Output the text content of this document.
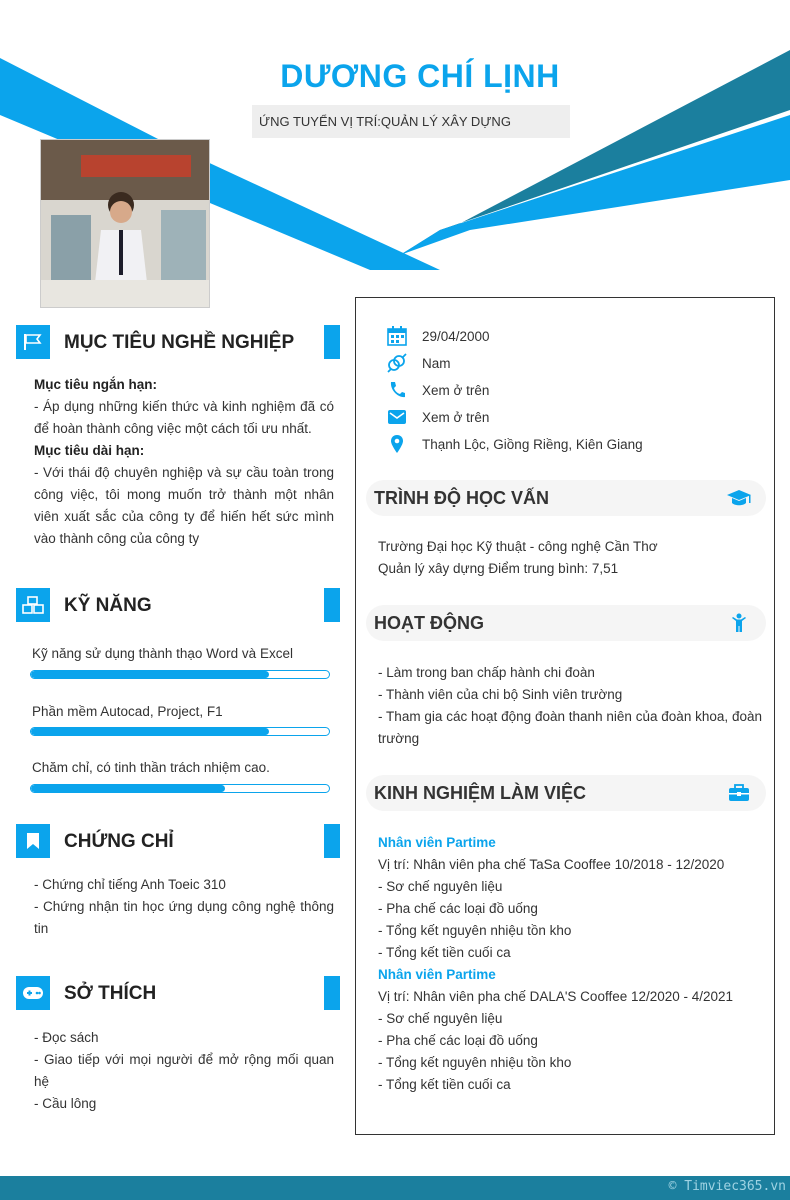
DƯƠNG CHÍ LỊNH
ỨNG TUYỂN VỊ TRÍ:QUẢN LÝ XÂY DỰNG
MỤC TIÊU NGHỀ NGHIỆP

Mục tiêu ngắn hạn:

- Áp dụng những kiến thức và kinh nghiệm đã có để hoàn thành công việc một cách tối ưu nhất.

Mục tiêu dài hạn:

- Với thái độ chuyên nghiệp và sự cầu toàn trong công việc, tôi mong muốn trở thành một nhân viên xuất sắc của công ty để hiến hết sức mình vào thành công của công ty

KỸ NĂNG
Kỹ năng sử dụng thành thạo Word và Excel
Phần mềm Autocad, Project, F1
Chăm chỉ, có tinh thần trách nhiệm cao.
CHỨNG CHỈ

- Chứng chỉ tiếng Anh Toeic 310

- Chứng nhận tin học ứng dụng công nghệ thông tin

SỞ THÍCH

- Đọc sách

- Giao tiếp với mọi người để mở rộng mối quan hệ

- Cầu lông

29/04/2000
Nam
Xem ở trên
Xem ở trên
Thạnh Lộc, Giồng Riềng, Kiên Giang
TRÌNH ĐỘ HỌC VẤN

Trường Đại học Kỹ thuật - công nghệ Cần Thơ

Quản lý xây dựng Điểm trung bình: 7,51

HOẠT ĐỘNG

- Làm trong ban chấp hành chi đoàn

- Thành viên của chi bộ Sinh viên trường

- Tham gia các hoạt động đoàn thanh niên của đoàn khoa, đoàn trường

KINH NGHIỆM LÀM VIỆC

Nhân viên Partime

Vị trí: Nhân viên pha chế TaSa Cooffee 10/2018 - 12/2020

- Sơ chế nguyên liệu

- Pha chế các loại đồ uống

- Tổng kết nguyên nhiệu tồn kho

- Tổng kết tiền cuối ca

Nhân viên Partime

Vị trí: Nhân viên pha chế DALA'S Cooffee 12/2020 - 4/2021

- Sơ chế nguyên liệu

- Pha chế các loại đồ uống

- Tổng kết nguyên nhiệu tồn kho

- Tổng kết tiền cuối ca

© Timviec365.vn
